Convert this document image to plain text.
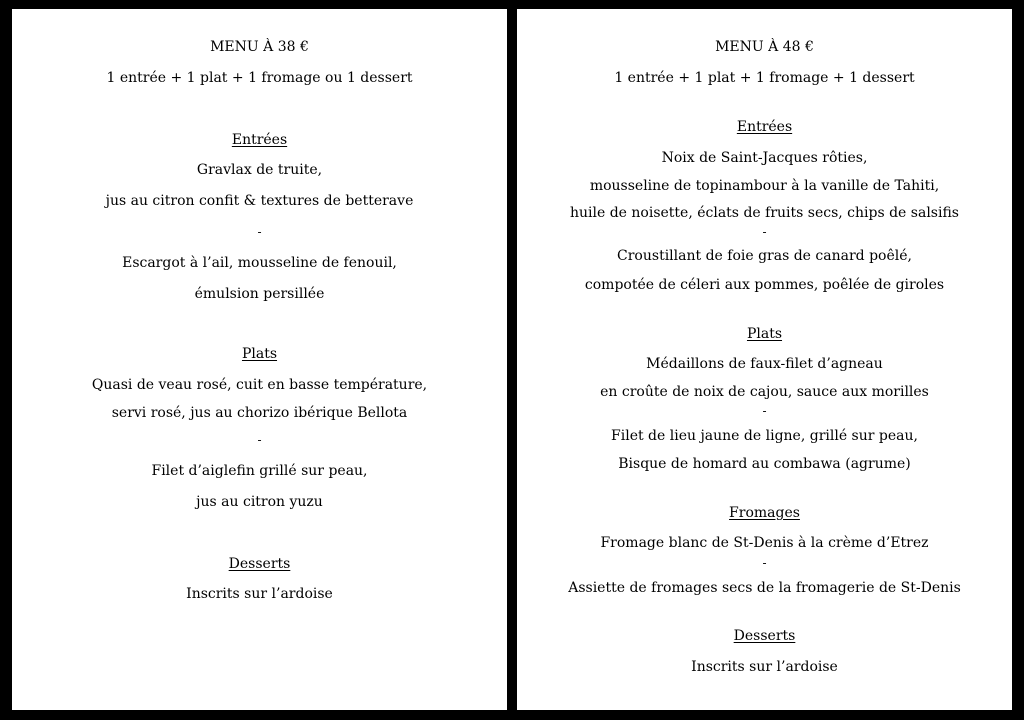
MENU À 38 €
1 entrée + 1 plat + 1 fromage ou 1 dessert
Entrées
Gravlax de truite,
jus au citron confit & textures de betterave
-
Escargot à l’ail, mousseline de fenouil,
émulsion persillée
Plats
Quasi de veau rosé, cuit en basse température,
servi rosé, jus au chorizo ibérique Bellota
-
Filet d’aiglefin grillé sur peau,
jus au citron yuzu
Desserts
Inscrits sur l’ardoise
MENU À 48 €
1 entrée + 1 plat + 1 fromage + 1 dessert
Entrées
Noix de Saint-Jacques rôties,
mousseline de topinambour à la vanille de Tahiti,
huile de noisette, éclats de fruits secs, chips de salsifis
-
Croustillant de foie gras de canard poêlé,
compotée de céleri aux pommes, poêlée de giroles
Plats
Médaillons de faux-filet d’agneau
en croûte de noix de cajou, sauce aux morilles
-
Filet de lieu jaune de ligne, grillé sur peau,
Bisque de homard au combawa (agrume)
Fromages
Fromage blanc de St-Denis à la crème d’Etrez
-
Assiette de fromages secs de la fromagerie de St-Denis
Desserts
Inscrits sur l’ardoise
